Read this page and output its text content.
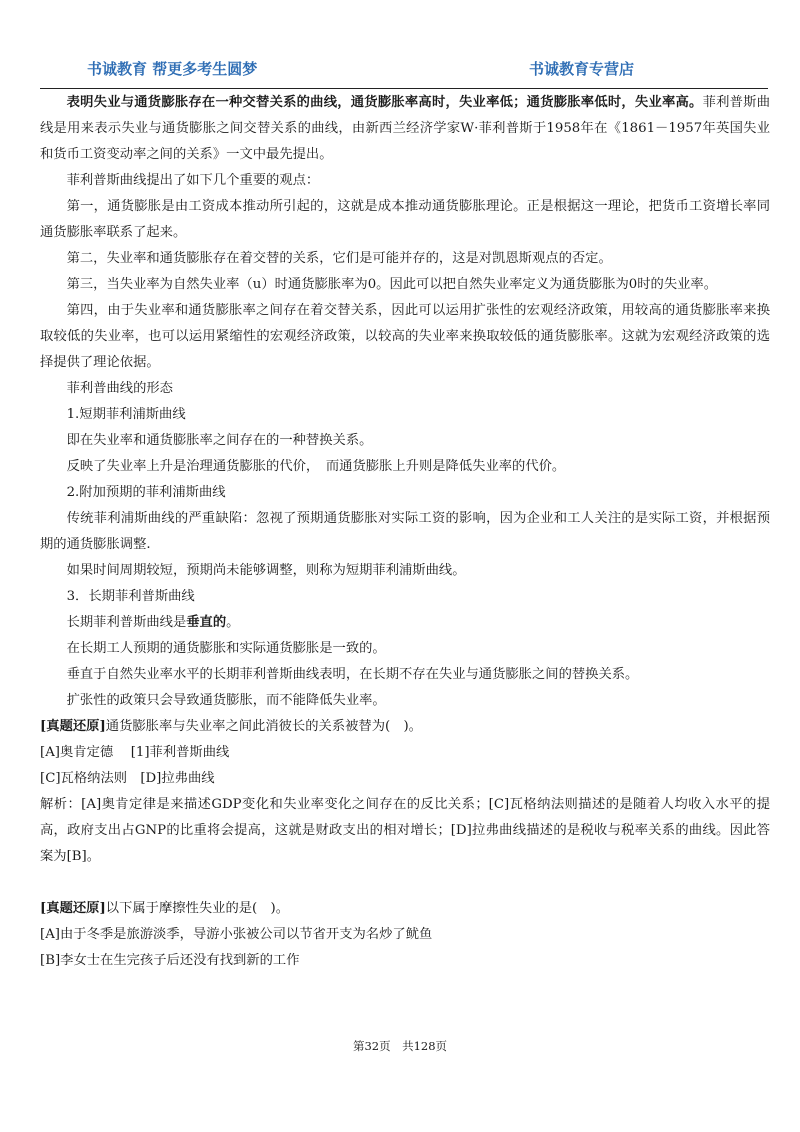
书诚教育 帮更多考生圆梦	书诚教育专营店

表明失业与通货膨胀存在一种交替关系的曲线，通货膨胀率高时，失业率低；通货膨胀率低时，失业率高。菲利普斯曲线是用来表示失业与通货膨胀之间交替关系的曲线，由新西兰经济学家W·菲利普斯于1958年在《1861－1957年英国失业和货币工资变动率之间的关系》一文中最先提出。

菲利普斯曲线提出了如下几个重要的观点：

第一，通货膨胀是由工资成本推动所引起的，这就是成本推动通货膨胀理论。正是根据这一理论，把货币工资增长率同通货膨胀率联系了起来。

第二，失业率和通货膨胀存在着交替的关系，它们是可能并存的，这是对凯恩斯观点的否定。

第三，当失业率为自然失业率（u）时通货膨胀率为0。因此可以把自然失业率定义为通货膨胀为0时的失业率。

第四，由于失业率和通货膨胀率之间存在着交替关系，因此可以运用扩张性的宏观经济政策，用较高的通货膨胀率来换取较低的失业率，也可以运用紧缩性的宏观经济政策，以较高的失业率来换取较低的通货膨胀率。这就为宏观经济政策的选择提供了理论依据。

菲利普曲线的形态

1.短期菲利浦斯曲线

即在失业率和通货膨胀率之间存在的一种替换关系。

反映了失业率上升是治理通货膨胀的代价，　而通货膨胀上升则是降低失业率的代价。

2.附加预期的菲利浦斯曲线

传统菲利浦斯曲线的严重缺陷：忽视了预期通货膨胀对实际工资的影响，因为企业和工人关注的是实际工资，并根据预期的通货膨胀调整.

如果时间周期较短，预期尚未能够调整，则称为短期菲利浦斯曲线。

3．长期菲利普斯曲线

长期菲利普斯曲线是垂直的。

在长期工人预期的通货膨胀和实际通货膨胀是一致的。

垂直于自然失业率水平的长期菲利普斯曲线表明，在长期不存在失业与通货膨胀之间的替换关系。

扩张性的政策只会导致通货膨胀，而不能降低失业率。

[真题还原]通货膨胀率与失业率之间此消彼长的关系被替为(　)。

[A]奥肯定德　 [1]菲利普斯曲线

[C]瓦格纳法则　[D]拉弗曲线

解析：[A]奥肯定律是来描述GDP变化和失业率变化之间存在的反比关系；[C]瓦格纳法则描述的是随着人均收入水平的提高，政府支出占GNP的比重将会提高，这就是财政支出的相对增长；[D]拉弗曲线描述的是税收与税率关系的曲线。因此答案为[B]。

[真题还原]以下属于摩擦性失业的是(　)。

[A]由于冬季是旅游淡季，导游小张被公司以节省开支为名炒了鱿鱼

[B]李女士在生完孩子后还没有找到新的工作

第32页　共128页
